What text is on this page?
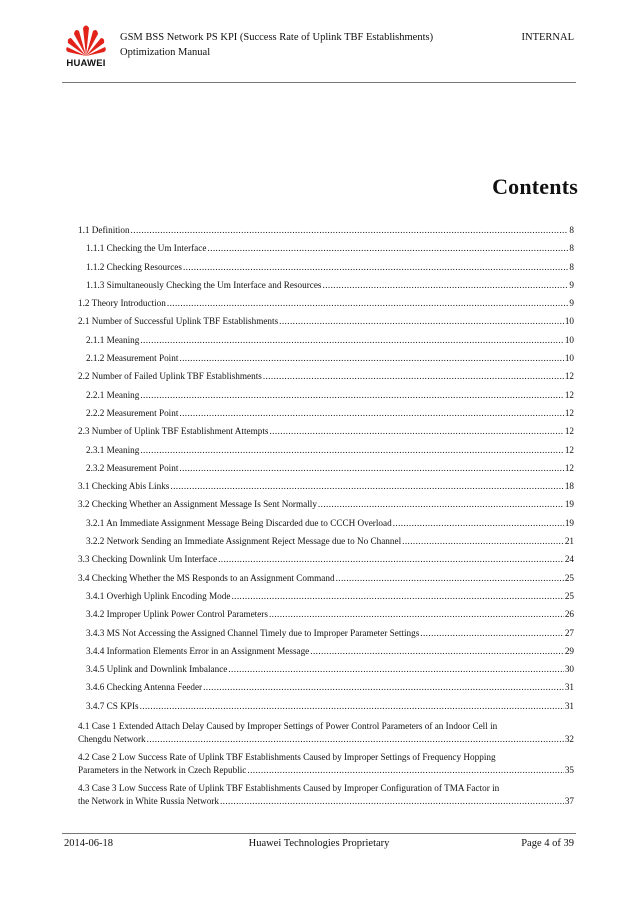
HUAWEI
GSM BSS Network PS KPI (Success Rate of Uplink TBF Establishments)
Optimization Manual
INTERNAL
Contents
1.1 Definition .....	8
1.1.1 Checking the Um Interface .....	8
1.1.2 Checking Resources .....	8
1.1.3 Simultaneously Checking the Um Interface and Resources .....	9
1.2 Theory Introduction .....	9
2.1 Number of Successful Uplink TBF Establishments .....	10
2.1.1 Meaning .....	10
2.1.2 Measurement Point .....	10
2.2 Number of Failed Uplink TBF Establishments .....	12
2.2.1 Meaning .....	12
2.2.2 Measurement Point .....	12
2.3 Number of Uplink TBF Establishment Attempts .....	12
2.3.1 Meaning .....	12
2.3.2 Measurement Point .....	12
3.1 Checking Abis Links .....	18
3.2 Checking Whether an Assignment Message Is Sent Normally .....	19
3.2.1 An Immediate Assignment Message Being Discarded due to CCCH Overload .....	19
3.2.2 Network Sending an Immediate Assignment Reject Message due to No Channel .....	21
3.3 Checking Downlink Um Interface .....	24
3.4 Checking Whether the MS Responds to an Assignment Command .....	25
3.4.1 Overhigh Uplink Encoding Mode .....	25
3.4.2 Improper Uplink Power Control Parameters .....	26
3.4.3 MS Not Accessing the Assigned Channel Timely due to Improper Parameter Settings .....	27
3.4.4 Information Elements Error in an Assignment Message .....	29
3.4.5 Uplink and Downlink Imbalance .....	30
3.4.6 Checking Antenna Feeder .....	31
3.4.7 CS KPIs .....	31
4.1 Case 1 Extended Attach Delay Caused by Improper Settings of Power Control Parameters of an Indoor Cell in
Chengdu Network .....	32
4.2 Case 2 Low Success Rate of Uplink TBF Establishments Caused by Improper Settings of Frequency Hopping
Parameters in the Network in Czech Republic .....	35
4.3 Case 3 Low Success Rate of Uplink TBF Establishments Caused by Improper Configuration of TMA Factor in
the Network in White Russia Network .....	37
2014-06-18	Huawei Technologies Proprietary	Page 4 of 39
